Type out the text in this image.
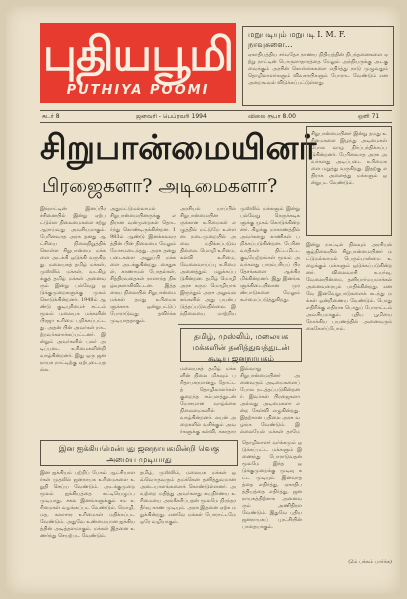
புதியபூமி
PUTHIYA POOMI
மறுபடியும் மறுபடி I. M. F. நாவுகளை...
ஏகாதிபத்திய சர்வதேச நாணய நிதியத்தின் நிபந்தனைகளை ஏற்று நாட்டின் பொருளாதாரத்தை மேலும் அந்நியருக்கு அடகு வைக்கும் அரசின் கொள்கைகளை எதிர்த்து நாடு முழுவதும் தொழிலாளர்களும் விவசாயிகளும் போராட வேண்டும் என அறைகூவல் விடுக்கப்பட்டுள்ளது.
சுடர் 8	ஜனவரி - பெப்ரவரி 1994	விலை ரூபா 8.00	ஒளி 71
சிறுபான்மையினர்
பிரஜைகளா? அடிமைகளா?
சிறுபான்மையினர் இன்று தமது உரிமைகளை இழந்து அடிமைகள் போல வாழ நிர்ப்பந்திக்கப்படுகின்றனர். பேரினவாத அரசு அவர்களது அடிப்படை உரிமைகளை மறுத்து வருகிறது. இதற்கு எதிராக அனைத்து மக்களும் ஒன்றுபட வேண்டும்.
இந்நாட்டின் இனப்பிரச்சினையில் இன்று ஏற்பட்டுள்ள நிலைமைகளை சற்று ஆராய்வது அவசியமாகும். பேரினவாத அரசு தனது ஆட்சியை நிலைநிறுத்திக் கொள்ள சிறுபான்மை மக்களை அடக்கி ஒடுக்கி வருகிறது. மலையகத் தமிழ் மக்கள், முஸ்லிம் மக்கள், வடகிழக்குத் தமிழ் மக்கள் அனைவரும் இன்று பல்வேறு ஒடுக்குமுறைகளுக்கு முகம் கொடுக்கின்றனர். 1948ம் ஆண்டு குடியுரிமைச் சட்டம் மூலம் மலையக மக்களின் பிரஜா உரிமை பறிக்கப்பட்டது. அதன் பின் அவர்கள் நாடற்றவர்களாக்கப்பட்டனர். இன்றும் அவர்களில் பலர் அடிப்படை உரிமைகளின்றி வாழ்கின்றனர். இது ஒரு ஜனநாயக நாட்டிற்கு ஏற்புடையதல்ல.
அதுமட்டுமல்லாமல் சிறுபான்மையினருக்கு எதிரான வன்முறைகள் தொடர்ந்து கொண்டிருக்கின்றன. 1983ம் ஆண்டு இனக்கலவரத்தின் பின் நிலைமை மேலும் மோசமடைந்தது. அரசு தனது படைகளை அனுப்பி மக்களை அடக்குகின்றது. கைதுகள், காணாமல் போதல்கள், சித்திரவதைகள் நாளாந்த நிகழ்வுகளாகிவிட்டன. இத்தகைய நிலையில் சிறுபான்மை மக்கள் தமது உரிமைகளுக்காக ஒன்றுபட்டுப் போராடுவது தவிர்க்க முடியாததாகும்.
அரசியல் யாப்பில் சிறுபான்மையினருக்கான உரிமைகள் எழுத்தில் மட்டுமே உள்ளன. நடைமுறையில் அவை மதிக்கப்படுவதில்லை. மொழி உரிமை, கல்வி உரிமை, வேலைவாய்ப்பு உரிமை அனைத்தும் மறுக்கப்படுகின்றன. தமிழ் மொழி அரச கரும மொழியாக இருந்தும் அரச அலுவலகங்களில் அது பயன்படுத்தப்படுவதில்லை. இந்நிலையை மாற்றிய
முஸ்லிம் மக்களும் இன்று பல்வேறு நெருக்கடிகளுக்கு முகம் கொடுக்கின்றனர். கிழக்கு மாகாணத்தில் அவர்களது காணிகள் பறிக்கப்படுகின்றன. பேரினவாதிகள் திட்டமிட்ட குடியேற்றங்கள் மூலம் அவர்களது பாரம்பரியப் பிரதேசங்களை ஆக்கிரமிக்கின்றனர். இது இனங்களுக்கிடையிலான முரண்பாடுகளை மேலும் கூர்மைப்படுத்துகிறது.
இன்று நாட்டில் நிலவும் அரசியல் சூழ்நிலையில் சிறுபான்மையினர் மட்டுமல்லாமல் பெரும்பான்மை உழைக்கும் மக்களும் ஒடுக்கப்படுகின்றனர். விலைவாசி உயர்வு, வேலையின்மை, தனியார்மயமாக்கல் அனைவரையும் பாதிக்கின்றது. எனவே இனவேறுபாடுகளைக் கடந்து மக்கள் ஒன்றிணைய வேண்டும். பொது எதிரிக்கு எதிராக பொதுப் போராட்டம் அவசியமாகும். புதிய பூமியை நோக்கிய பயணத்தில் அனைவரும் கைகோர்ப்போம்.
தமிழ், முஸ்லிம், மலையக மக்களின் தனித்துவத்துடன் கூடிய ஜனநாயகம்
மலையகத் தமிழ் மக்களின் நிலை மிகவும் பரிதாபகரமானது. தோட்டத் தொழிலாளர்கள் குறைந்த சம்பளத்துடன் மோசமான வாழ்க்கை நிலைமைகளில் வாழ்கின்றனர். லயன் அறைகளில் வசிக்கும் அவர்களுக்கு கல்வி, சுகாதார
இவ்வாறு சிறுபான்மையினர் அனைவரும் அடிமைகளைப் போல நடத்தப்படுகின்றனர். இவர்கள் பிரஜைகளா அல்லது அடிமைகளா என்ற கேள்வி எழுகின்றது. இதற்கான பதிலை அரசு வழங்க வேண்டும். இல்லையேல் மக்கள் தாமே
இன ஐக்கியமென்பது ஜனநாயகமின்றி வெகு அமைய முடியாது
இன ஐக்கியம் பற்றிப் பேசும் ஆட்சியாளர்கள் முதலில் ஜனநாயக உரிமைகளை உறுதி செய்ய வேண்டும். அடக்குமுறை மூலம் ஐக்கியத்தை கட்டியெழுப்ப முடியாது. சகல இனங்களுக்கும் சம உரிமைகள் வழங்கப்பட வேண்டும். மொழி, மத, கலாசார உரிமைகள் மதிக்கப்பட வேண்டும். அதுவே உண்மையான ஐக்கியத்தின் அடித்தளமாகும். மக்கள் இதனை உணர்ந்து செயற்பட வேண்டும்.
தமிழ், முஸ்லிம், மலையக மக்கள் ஒவ்வொருவரும் தமக்கென தனித்துவமான அடையாளங்களைக் கொண்டுள்ளனர். அவற்றை மதித்து அவர்களது சுயநிர்ணய உரிமையை அங்கீகரிப்பதன் மூலமே நிரந்தர தீர்வு காண முடியும். அரசு இதனை ஏற்க மறுக்கின்றது. எனவே மக்கள் போராட்டமே ஒரே வழியாகும்.
தொழிலாளர் வர்க்கமும் ஒடுக்கப்பட்ட மக்களும் இணைந்து போராடுவதன் மூலமே இந்த ஒடுக்குமுறைக்கு முடிவு கட்ட முடியும். இனவாதத்தை எதிர்த்து, ஏகாதிபத்தியத்தை எதிர்த்து, ஜனநாயகத்திற்காக அனைவரும் அணிதிரள வேண்டும். இதுவே புதிய ஜனநாயகப் புரட்சியின் பாதையாகும்.
(2ம் பக்கம் பார்க்க)
